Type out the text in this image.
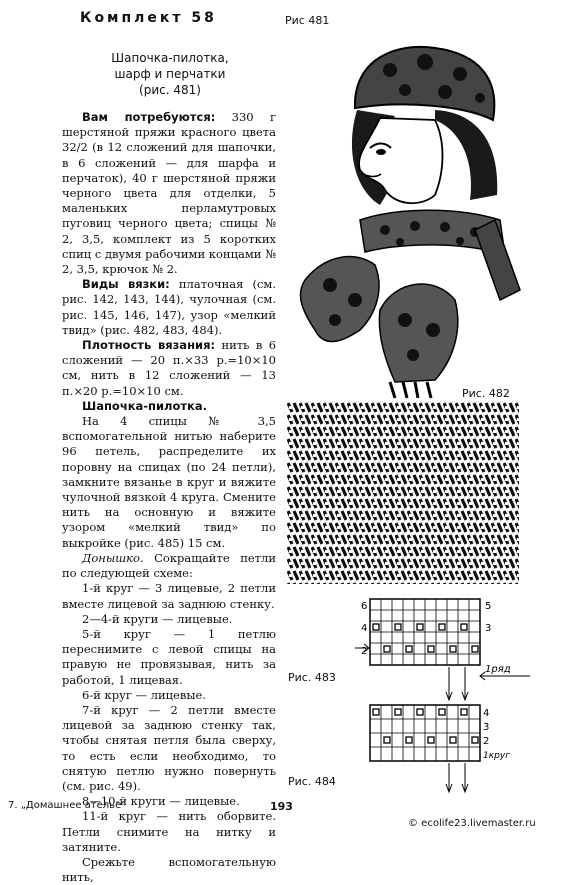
Комплект 58	Рис 481
Шапочка-пилотка,
шарф и перчатки
(рис. 481)

Вам потребуются: 330 г шерстяной пряжи красного цвета 32/2 (в 12 сложений для шапочки, в 6 сложений — для шарфа и перчаток), 40 г шерстяной пряжи черного цвета для отделки, 5 маленьких перламутровых пуговиц черного цвета; спицы № 2, 3,5, комплект из 5 коротких спиц с двумя рабочими концами № 2, 3,5, крючок № 2.

Виды вязки: платочная (см. рис. 142, 143, 144), чулочная (см. рис. 145, 146, 147), узор «мелкий твид» (рис. 482, 483, 484).

Плотность вязания: нить в 6 сложений — 20 п.×33 р.=10×10 см, нить в 12 сложений — 13 п.×20 р.=10×10 см.

Шапочка-пилотка.

На 4 спицы № 3,5 вспомогательной нитью наберите 96 петель, распределите их поровну на спицах (по 24 петли), замкните вязанье в круг и вяжите чулочной вязкой 4 круга. Смените нить на основную и вяжите узором «мелкий твид» по выкройке (рис. 485) 15 см.

Донышко. Сокращайте петли по следующей схеме:

1-й круг — 3 лицевые, 2 петли вместе лицевой за заднюю стенку.

2—4-й круги — лицевые.

5-й круг — 1 петлю переснимите с левой спицы на правую не провязывая, нить за работой, 1 лицевая.

6-й круг — лицевые.

7-й круг — 2 петли вместе лицевой за заднюю стенку так, чтобы снятая петля была сверху, то есть если необходимо, то снятую петлю нужно повернуть (см. рис. 49).

8—10-й круги — лицевые.

11-й круг — нить оборвите. Петли снимите на нитку и затяните.

Срежьте вспомогательную нить,

Рис. 482
6	5
4	3
2
1ряд
Рис. 483
4
3
2
1круг
Рис. 484
7. „Домашнее ателье“	193
© ecolife23.livemaster.ru
